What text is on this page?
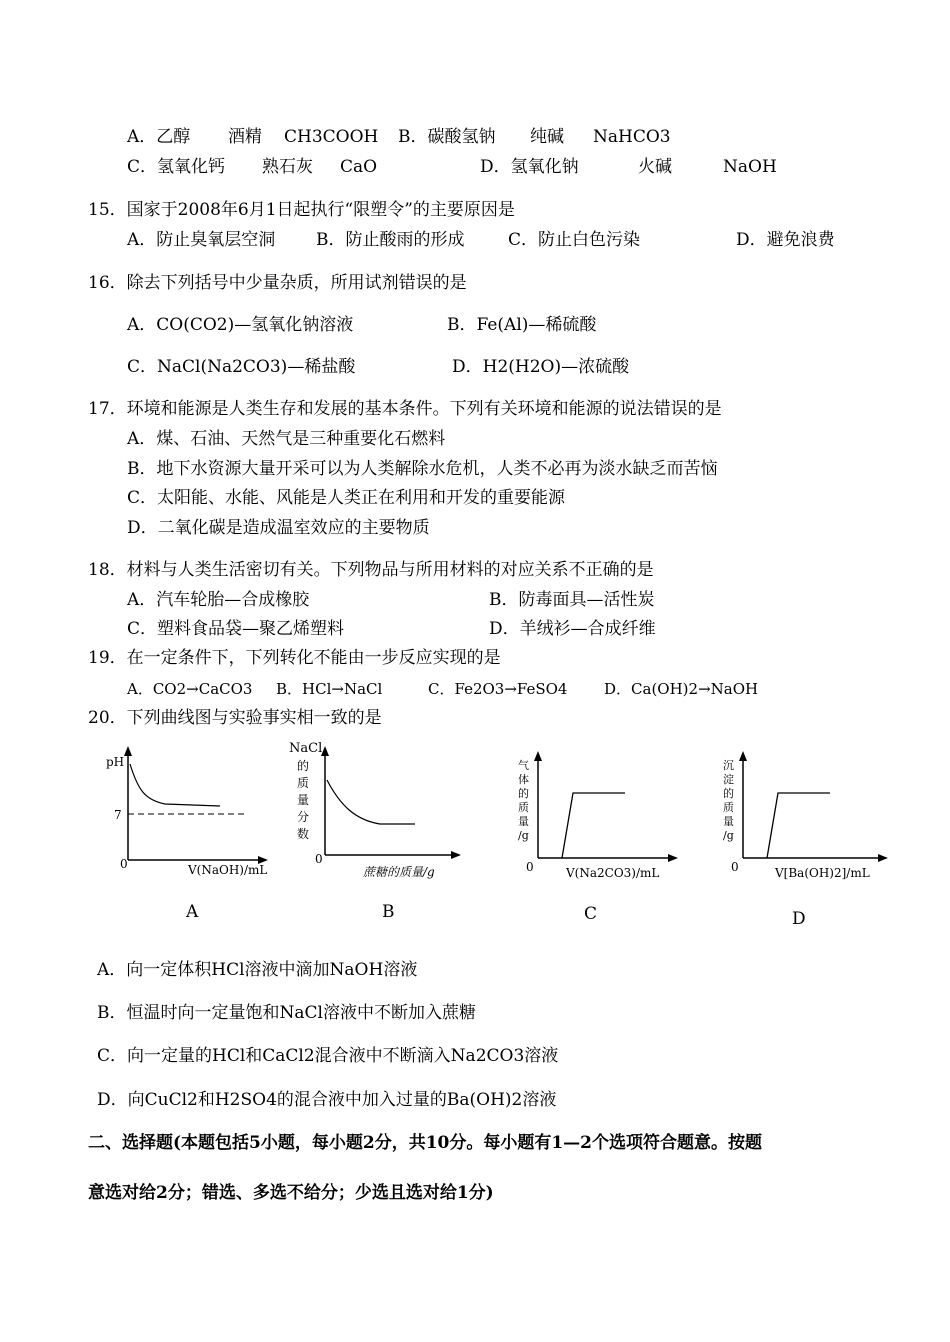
A．乙醇 酒精 CH3COOH B．碳酸氢钠 纯碱 NaHCO3
C．氢氧化钙 熟石灰 CaO	D．氢氧化钠	火碱	NaOH
15．国家于2008年6月1日起执行“限塑令”的主要原因是
A．防止臭氧层空洞 B．防止酸雨的形成	C．防止白色污染	D．避免浪费
16．除去下列括号中少量杂质，所用试剂错误的是
A．CO(CO2)—氢氧化钠溶液	B．Fe(Al)—稀硫酸
C．NaCl(Na2CO3)—稀盐酸	D．H2(H2O)—浓硫酸
17．环境和能源是人类生存和发展的基本条件。下列有关环境和能源的说法错误的是
A．煤、石油、天然气是三种重要化石燃料
B．地下水资源大量开采可以为人类解除水危机，人类不必再为淡水缺乏而苦恼
C．太阳能、水能、风能是人类正在利用和开发的重要能源
D．二氧化碳是造成温室效应的主要物质
18．材料与人类生活密切有关。下列物品与所用材料的对应关系不正确的是
A．汽车轮胎—合成橡胶	B．防毒面具—活性炭
C．塑料食品袋—聚乙烯塑料	D．羊绒衫—合成纤维
19．在一定条件下，下列转化不能由一步反应实现的是
A．CO2→CaCO3 B．HCl→NaCl	C．Fe2O3→FeSO4 D．Ca(OH)2→NaOH
20．下列曲线图与实验事实相一致的是
pH
7
0	V(NaOH)/mL
NaCl
的
质
量
分
数
0
蔗糖的质量/g
气
体
的
质
量
/g
0	V(Na2CO3)/mL
沉
淀
的
质
量
/g
0	V[Ba(OH)2]/mL
A	B	C	D
A．向一定体积HCl溶液中滴加NaOH溶液
B．恒温时向一定量饱和NaCl溶液中不断加入蔗糖
C．向一定量的HCl和CaCl2混合液中不断滴入Na2CO3溶液
D．向CuCl2和H2SO4的混合液中加入过量的Ba(OH)2溶液
二、选择题(本题包括5小题，每小题2分，共10分。每小题有1—2个选项符合题意。按题
意选对给2分；错选、多选不给分；少选且选对给1分)
